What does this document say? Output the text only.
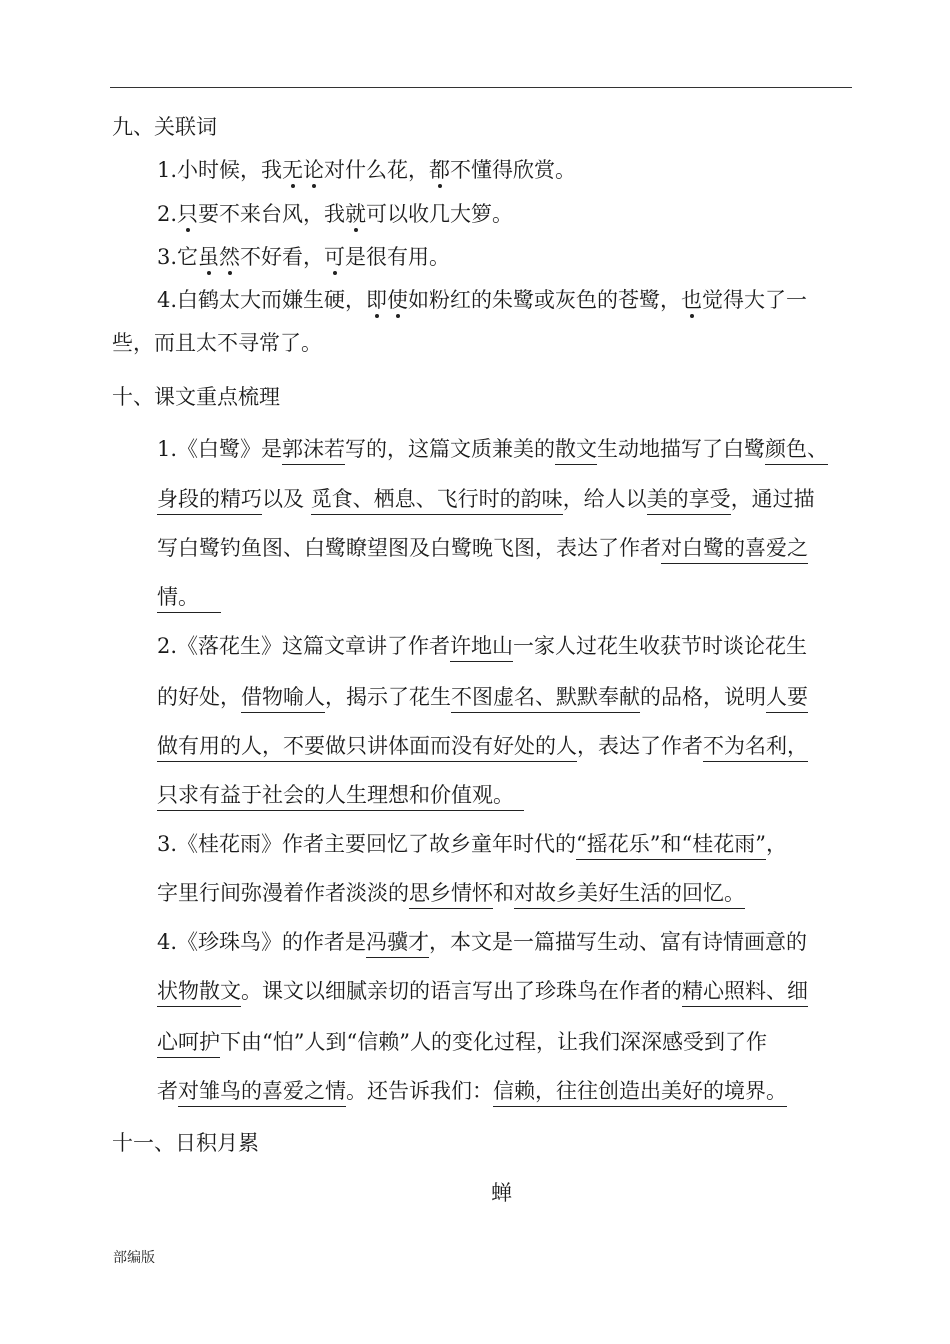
九、关联词
1.小时候，我无论对什么花，都不懂得欣赏。
2.只要不来台风，我就可以收几大箩。
3.它虽然不好看，可是很有用。
4.白鹤太大而嫌生硬，即使如粉红的朱鹭或灰色的苍鹭，也觉得大了一
些，而且太不寻常了。
十、课文重点梳理
1.《白鹭》是郭沫若写的，这篇文质兼美的散文生动地描写了白鹭颜色、
身段的精巧以及 觅食、栖息、飞行时的韵味，给人以美的享受，通过描
写白鹭钓鱼图、白鹭瞭望图及白鹭晚飞图，表达了作者对白鹭的喜爱之
情。
2.《落花生》这篇文章讲了作者许地山一家人过花生收获节时谈论花生
的好处，借物喻人，揭示了花生不图虚名、默默奉献的品格，说明人要
做有用的人，不要做只讲体面而没有好处的人，表达了作者不为名利，
只求有益于社会的人生理想和价值观。
3.《桂花雨》作者主要回忆了故乡童年时代的“摇花乐”和“桂花雨”，
字里行间弥漫着作者淡淡的思乡情怀和对故乡美好生活的回忆。
4.《珍珠鸟》的作者是冯骥才，本文是一篇描写生动、富有诗情画意的
状物散文。课文以细腻亲切的语言写出了珍珠鸟在作者的精心照料、细
心呵护下由“怕”人到“信赖”人的变化过程，让我们深深感受到了作
者对雏鸟的喜爱之情。还告诉我们：信赖，往往创造出美好的境界。
十一、日积月累
蝉
部编版
